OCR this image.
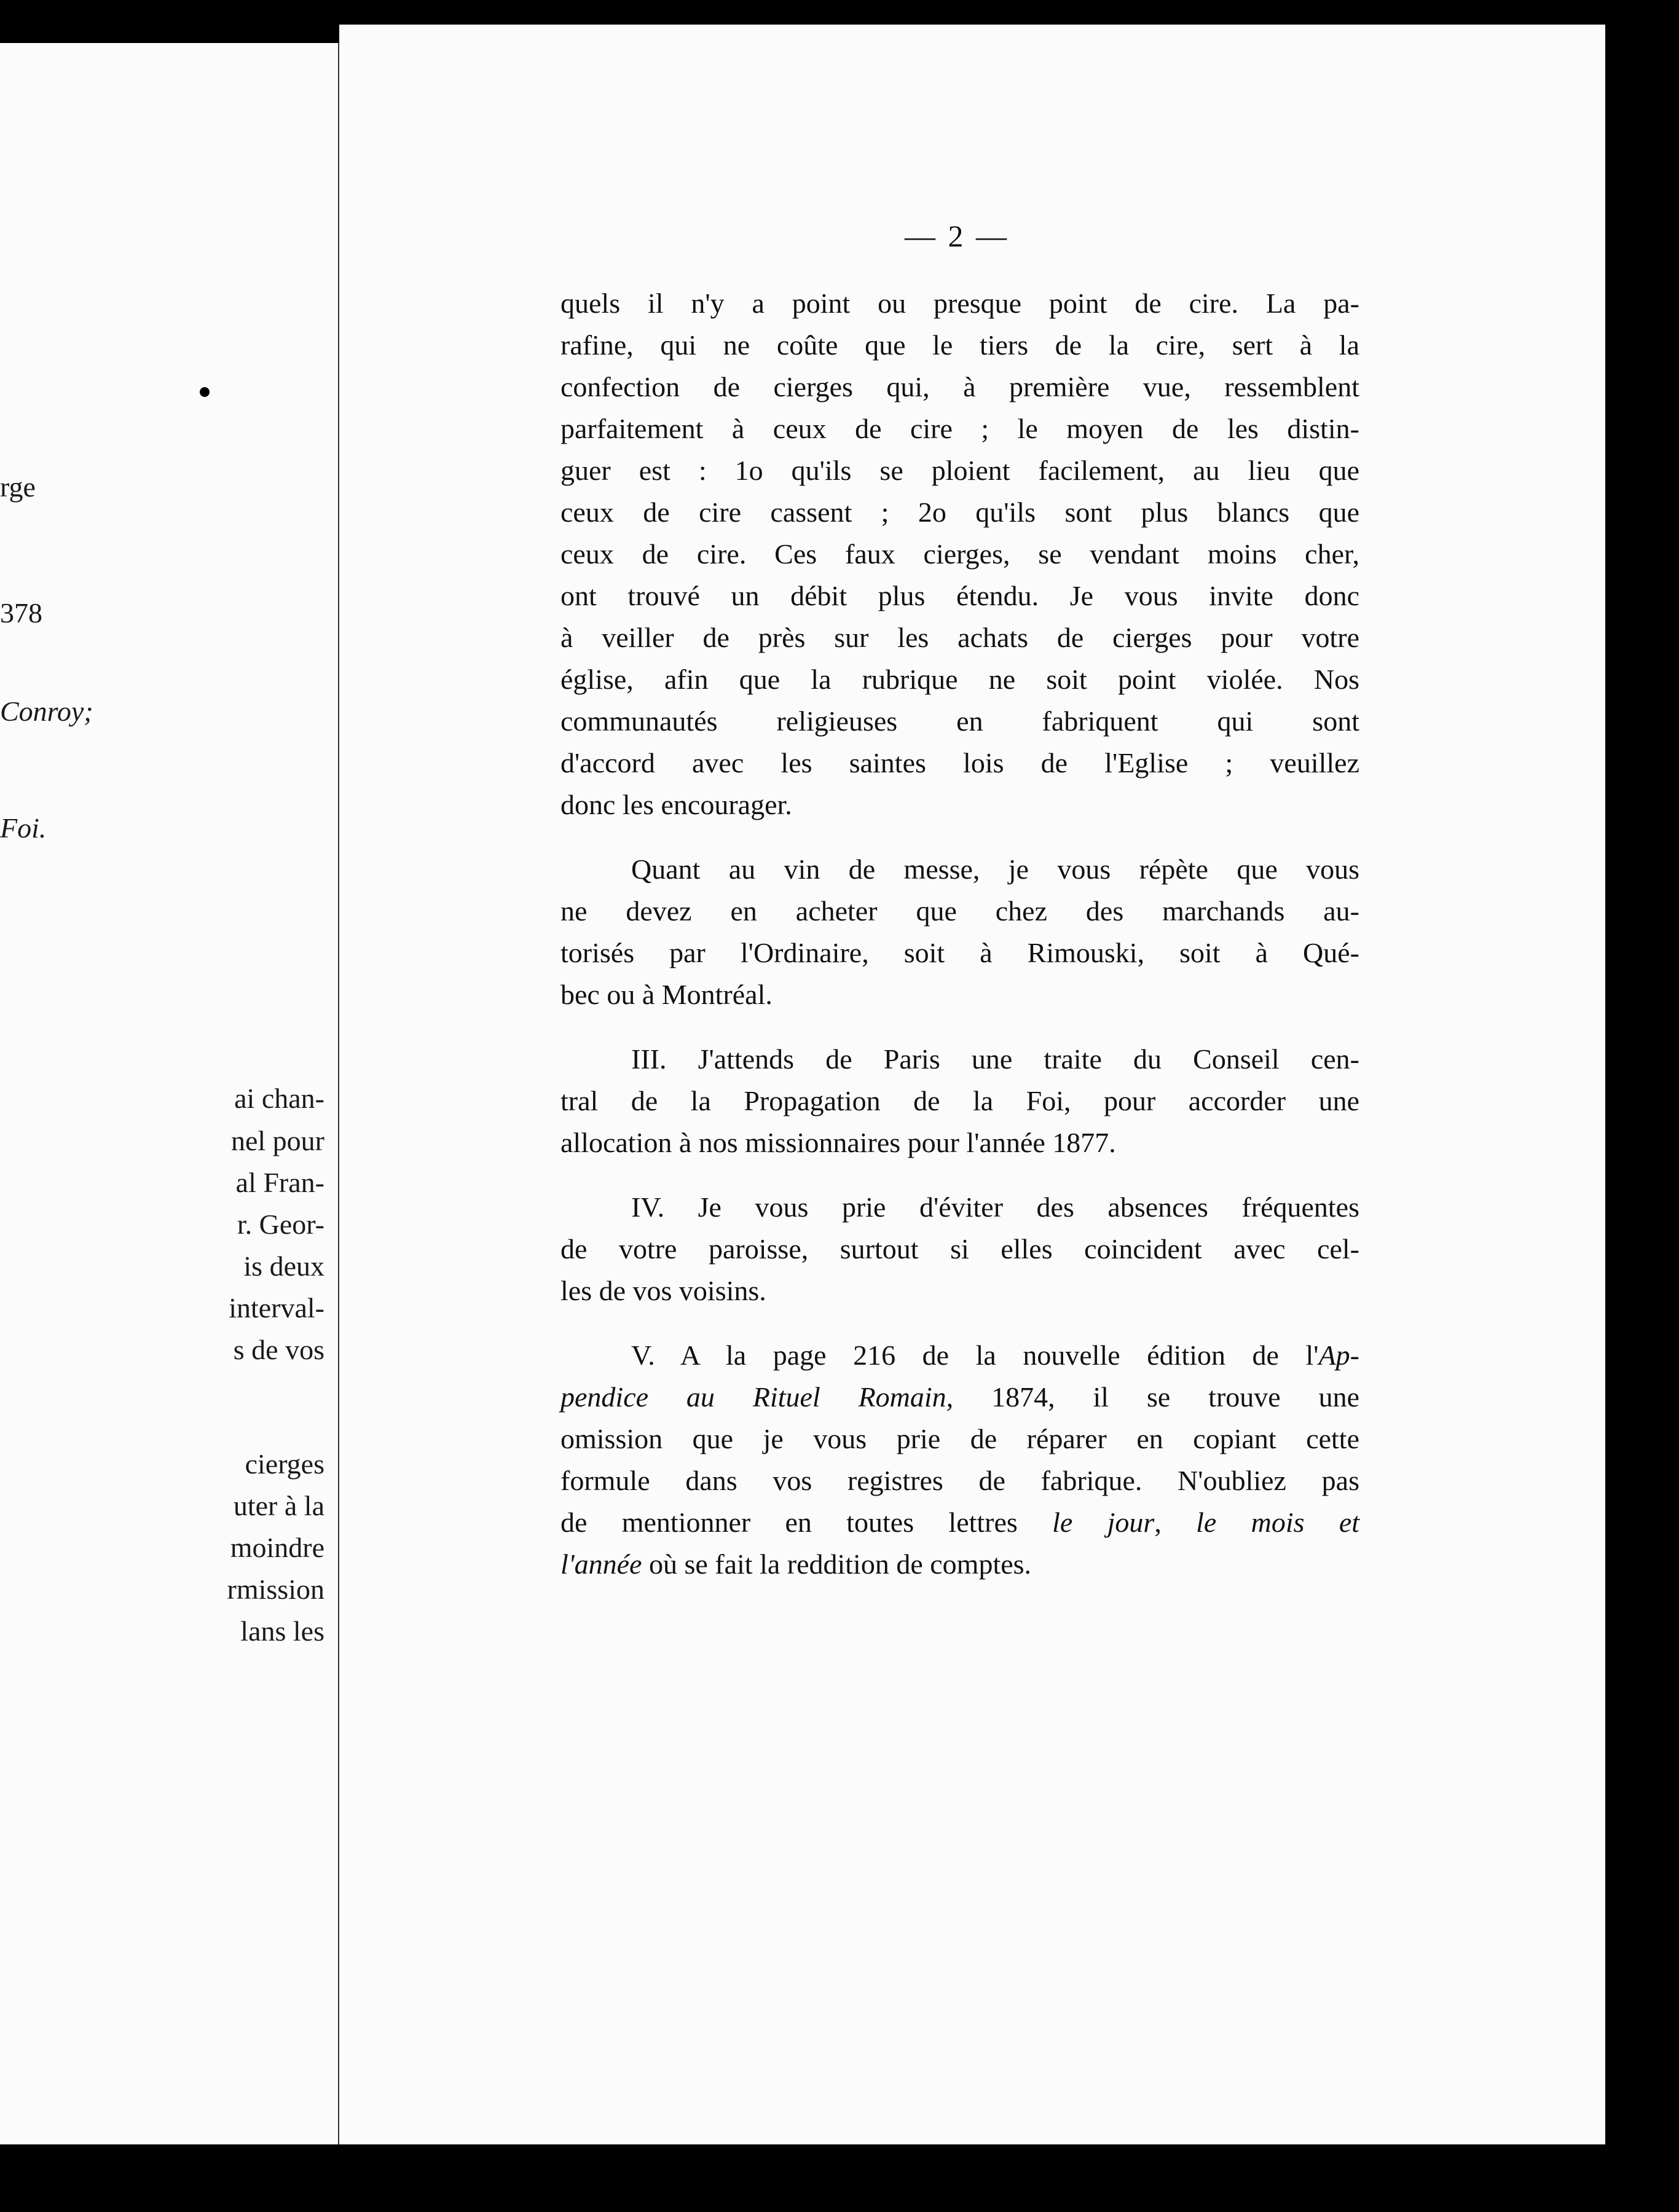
rge
378
Conroy;
Foi.
ai chan-
nel pour
al Fran-
r. Geor-
is deux
interval-
s de vos
cierges
uter à la
moindre
rmission
lans les
— 2 —

quels il n'y a point ou presque point de cire. La pa-
rafine, qui ne coûte que le tiers de la cire, sert à la
confection de cierges qui, à première vue, ressemblent
parfaitement à ceux de cire ; le moyen de les distin-
guer est : 1o qu'ils se ploient facilement, au lieu que
ceux de cire cassent ; 2o qu'ils sont plus blancs que
ceux de cire. Ces faux cierges, se vendant moins cher,
ont trouvé un débit plus étendu. Je vous invite donc
à veiller de près sur les achats de cierges pour votre
église, afin que la rubrique ne soit point violée. Nos
communautés religieuses en fabriquent qui sont
d'accord avec les saintes lois de l'Eglise ; veuillez
donc les encourager.

Quant au vin de messe, je vous répète que vous
ne devez en acheter que chez des marchands au-
torisés par l'Ordinaire, soit à Rimouski, soit à Qué-
bec ou à Montréal.

III. J'attends de Paris une traite du Conseil cen-
tral de la Propagation de la Foi, pour accorder une
allocation à nos missionnaires pour l'année 1877.

IV. Je vous prie d'éviter des absences fréquentes
de votre paroisse, surtout si elles coincident avec cel-
les de vos voisins.

V. A la page 216 de la nouvelle édition de l'Ap-
pendice au Rituel Romain, 1874, il se trouve une
omission que je vous prie de réparer en copiant cette
formule dans vos registres de fabrique. N'oubliez pas
de mentionner en toutes lettres le jour, le mois et
l'année où se fait la reddition de comptes.
